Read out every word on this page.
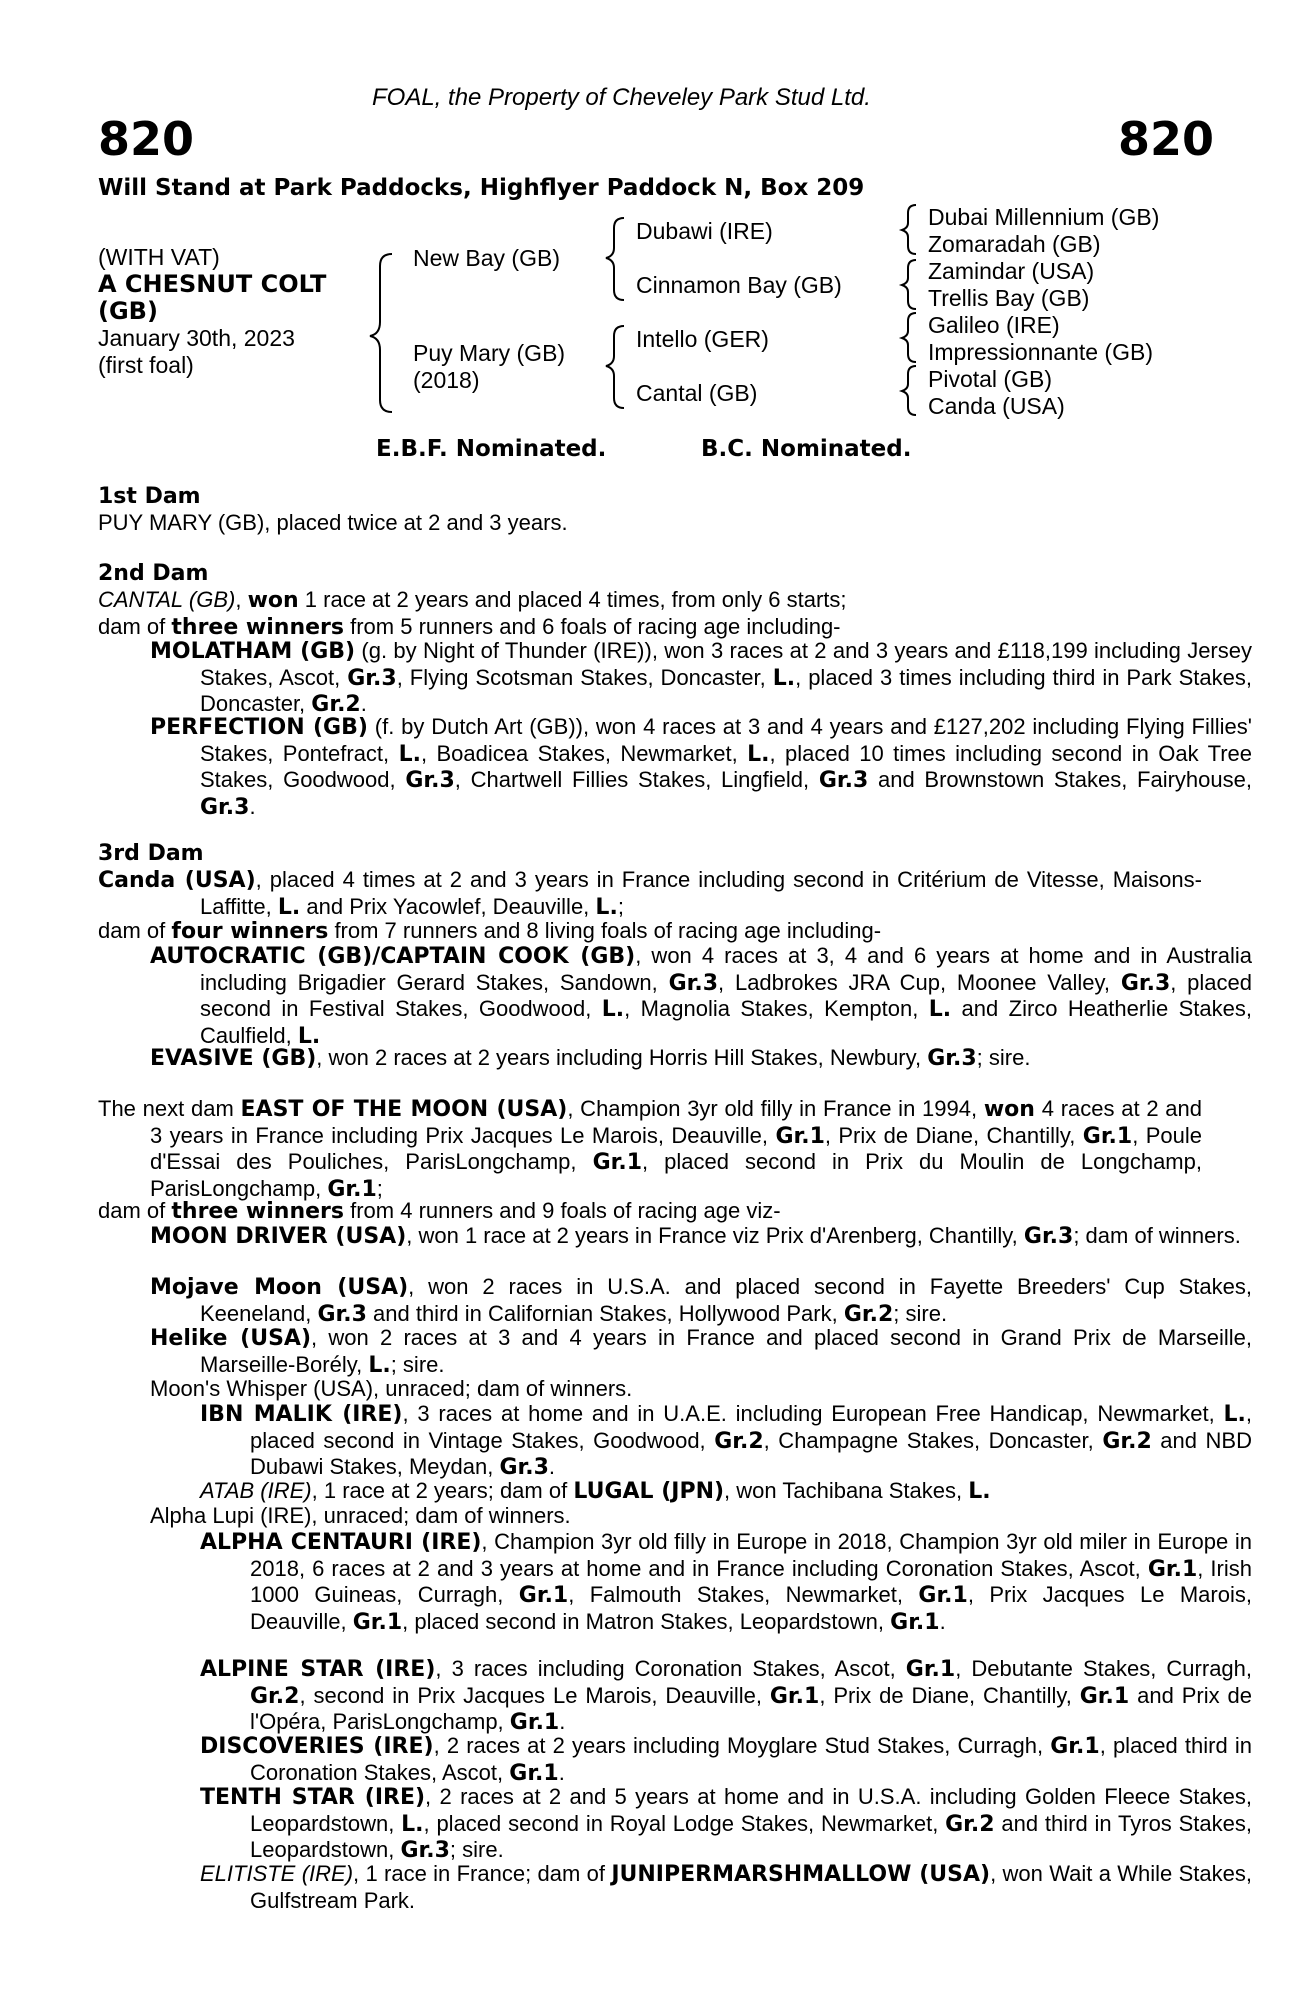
FOAL, the Property of Cheveley Park Stud Ltd.
820	820
Will Stand at Park Paddocks, Highflyer Paddock N, Box 209
(WITH VAT)
A CHESNUT COLT
(GB)
January 30th, 2023
(first foal)
New Bay (GB)
Puy Mary (GB)
(2018)
Dubawi (IRE)
Cinnamon Bay (GB)
Intello (GER)
Cantal (GB)
Dubai Millennium (GB)
Zomaradah (GB)
Zamindar (USA)
Trellis Bay (GB)
Galileo (IRE)
Impressionnante (GB)
Pivotal (GB)
Canda (USA)
E.B.F. Nominated.	B.C. Nominated.
1st Dam
PUY MARY (GB), placed twice at 2 and 3 years.
2nd Dam
CANTAL (GB), won 1 race at 2 years and placed 4 times, from only 6 starts;
dam of three winners from 5 runners and 6 foals of racing age including-
MOLATHAM (GB) (g. by Night of Thunder (IRE)), won 3 races at 2 and 3 years and £118,199 including Jersey Stakes, Ascot, Gr.3, Flying Scotsman Stakes, Doncaster, L., placed 3 times including third in Park Stakes, Doncaster, Gr.2.
PERFECTION (GB) (f. by Dutch Art (GB)), won 4 races at 3 and 4 years and £127,202 including Flying Fillies' Stakes, Pontefract, L., Boadicea Stakes, Newmarket, L., placed 10 times including second in Oak Tree Stakes, Goodwood, Gr.3, Chartwell Fillies Stakes, Lingfield, Gr.3 and Brownstown Stakes, Fairyhouse, Gr.3.
3rd Dam
Canda (USA), placed 4 times at 2 and 3 years in France including second in Critérium de Vitesse, Maisons-Laffitte, L. and Prix Yacowlef, Deauville, L.;
dam of four winners from 7 runners and 8 living foals of racing age including-
AUTOCRATIC (GB)/CAPTAIN COOK (GB), won 4 races at 3, 4 and 6 years at home and in Australia including Brigadier Gerard Stakes, Sandown, Gr.3, Ladbrokes JRA Cup, Moonee Valley, Gr.3, placed second in Festival Stakes, Goodwood, L., Magnolia Stakes, Kempton, L. and Zirco Heatherlie Stakes, Caulfield, L.
EVASIVE (GB), won 2 races at 2 years including Horris Hill Stakes, Newbury, Gr.3; sire.
The next dam EAST OF THE MOON (USA), Champion 3yr old filly in France in 1994, won 4 races at 2 and 3 years in France including Prix Jacques Le Marois, Deauville, Gr.1, Prix de Diane, Chantilly, Gr.1, Poule d'Essai des Pouliches, ParisLongchamp, Gr.1, placed second in Prix du Moulin de Longchamp, ParisLongchamp, Gr.1;
dam of three winners from 4 runners and 9 foals of racing age viz-
MOON DRIVER (USA), won 1 race at 2 years in France viz Prix d'Arenberg, Chantilly, Gr.3; dam of winners.
Mojave Moon (USA), won 2 races in U.S.A. and placed second in Fayette Breeders' Cup Stakes, Keeneland, Gr.3 and third in Californian Stakes, Hollywood Park, Gr.2; sire.
Helike (USA), won 2 races at 3 and 4 years in France and placed second in Grand Prix de Marseille, Marseille-Borély, L.; sire.
Moon's Whisper (USA), unraced; dam of winners.
IBN MALIK (IRE), 3 races at home and in U.A.E. including European Free Handicap, Newmarket, L., placed second in Vintage Stakes, Goodwood, Gr.2, Champagne Stakes, Doncaster, Gr.2 and NBD Dubawi Stakes, Meydan, Gr.3.
ATAB (IRE), 1 race at 2 years; dam of LUGAL (JPN), won Tachibana Stakes, L.
Alpha Lupi (IRE), unraced; dam of winners.
ALPHA CENTAURI (IRE), Champion 3yr old filly in Europe in 2018, Champion 3yr old miler in Europe in 2018, 6 races at 2 and 3 years at home and in France including Coronation Stakes, Ascot, Gr.1, Irish 1000 Guineas, Curragh, Gr.1, Falmouth Stakes, Newmarket, Gr.1, Prix Jacques Le Marois, Deauville, Gr.1, placed second in Matron Stakes, Leopardstown, Gr.1.
ALPINE STAR (IRE), 3 races including Coronation Stakes, Ascot, Gr.1, Debutante Stakes, Curragh, Gr.2, second in Prix Jacques Le Marois, Deauville, Gr.1, Prix de Diane, Chantilly, Gr.1 and Prix de l'Opéra, ParisLongchamp, Gr.1.
DISCOVERIES (IRE), 2 races at 2 years including Moyglare Stud Stakes, Curragh, Gr.1, placed third in Coronation Stakes, Ascot, Gr.1.
TENTH STAR (IRE), 2 races at 2 and 5 years at home and in U.S.A. including Golden Fleece Stakes, Leopardstown, L., placed second in Royal Lodge Stakes, Newmarket, Gr.2 and third in Tyros Stakes, Leopardstown, Gr.3; sire.
ELITISTE (IRE), 1 race in France; dam of JUNIPERMARSHMALLOW (USA), won Wait a While Stakes, Gulfstream Park.
